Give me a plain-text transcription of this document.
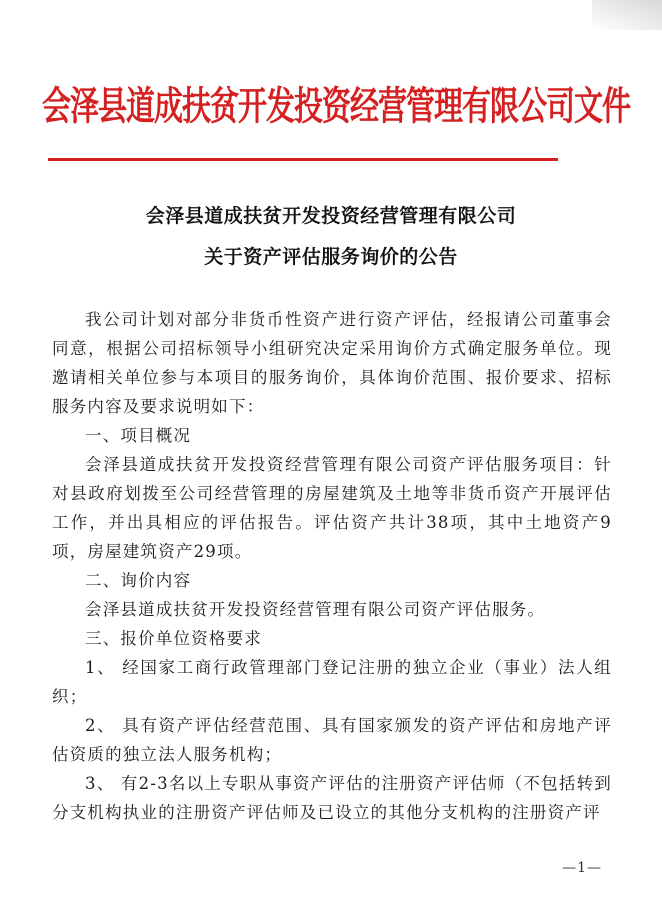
会泽县道成扶贫开发投资经营管理有限公司文件
会泽县道成扶贫开发投资经营管理有限公司
关于资产评估服务询价的公告

我公司计划对部分非货币性资产进行资产评估，经报请公司董事会同意，根据公司招标领导小组研究决定采用询价方式确定服务单位。现邀请相关单位参与本项目的服务询价，具体询价范围、报价要求、招标服务内容及要求说明如下：

一、项目概况

会泽县道成扶贫开发投资经营管理有限公司资产评估服务项目：针对县政府划拨至公司经营管理的房屋建筑及土地等非货币资产开展评估工作，并出具相应的评估报告。评估资产共计38项，其中土地资产9项，房屋建筑资产29项。

二、询价内容

会泽县道成扶贫开发投资经营管理有限公司资产评估服务。

三、报价单位资格要求

1、 经国家工商行政管理部门登记注册的独立企业（事业）法人组织；

2、 具有资产评估经营范围、具有国家颁发的资产评估和房地产评估资质的独立法人服务机构；

3、 有2-3名以上专职从事资产评估的注册资产评估师（不包括转到分支机构执业的注册资产评估师及已设立的其他分支机构的注册资产评

—1—
